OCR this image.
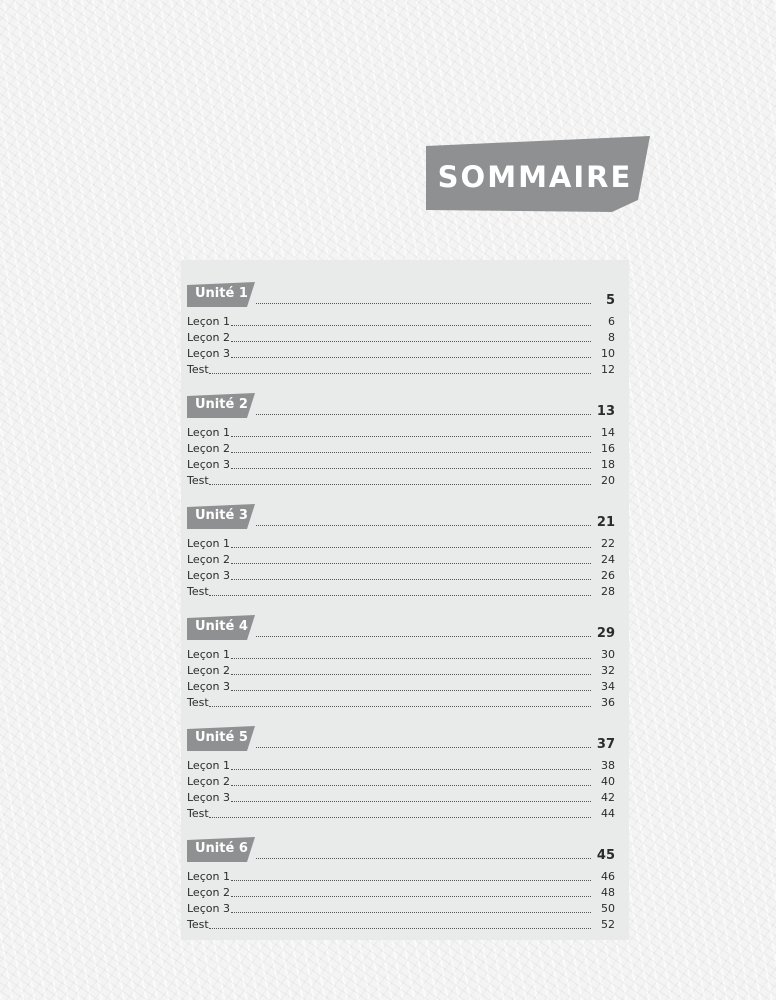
SOMMAIRE
Unité 1	5
Leçon 1	6
Leçon 2	8
Leçon 3	10
Test	12
Unité 2	13
Leçon 1	14
Leçon 2	16
Leçon 3	18
Test	20
Unité 3	21
Leçon 1	22
Leçon 2	24
Leçon 3	26
Test	28
Unité 4	29
Leçon 1	30
Leçon 2	32
Leçon 3	34
Test	36
Unité 5	37
Leçon 1	38
Leçon 2	40
Leçon 3	42
Test	44
Unité 6	45
Leçon 1	46
Leçon 2	48
Leçon 3	50
Test	52
